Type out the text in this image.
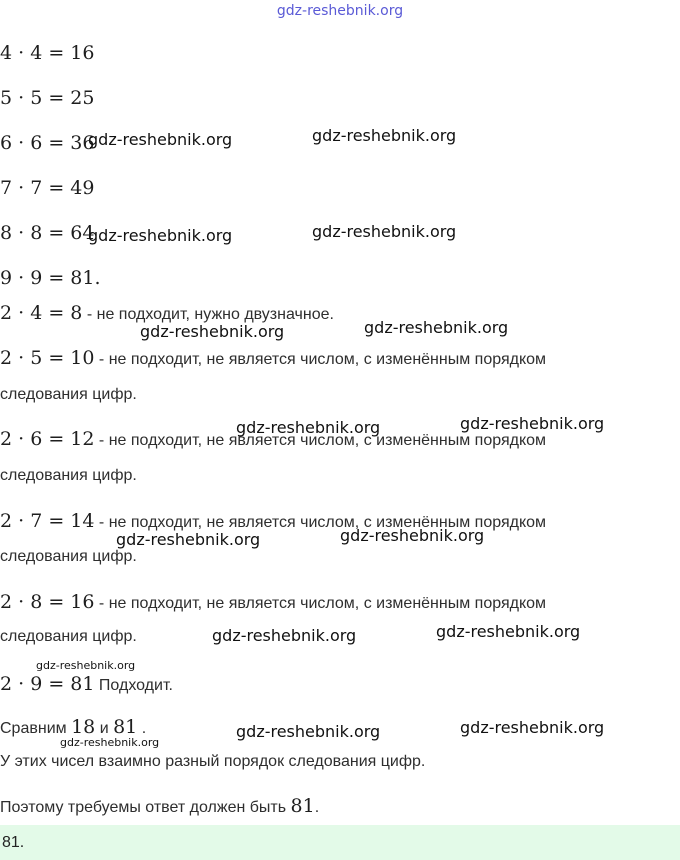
gdz-reshebnik.org
4 · 4 = 16
5 · 5 = 25
6 · 6 = 36
7 · 7 = 49
8 · 8 = 64
9 · 9 = 81.
2 · 4 = 8 - не подходит, нужно двузначное.
2 · 5 = 10 - не подходит, не является числом, с изменённым порядком
следования цифр.
2 · 6 = 12 - не подходит, не является числом, с изменённым порядком
следования цифр.
2 · 7 = 14 - не подходит, не является числом, с изменённым порядком
следования цифр.
2 · 8 = 16 - не подходит, не является числом, с изменённым порядком
следования цифр.
2 · 9 = 81 Подходит.
Сравним 18 и 81 .
У этих чисел взаимно разный порядок следования цифр.
Поэтому требуемы ответ должен быть 81.
81.
gdz-reshebnik.org	gdz-reshebnik.org
gdz-reshebnik.org	gdz-reshebnik.org
gdz-reshebnik.org	gdz-reshebnik.org
gdz-reshebnik.org	gdz-reshebnik.org
gdz-reshebnik.org	gdz-reshebnik.org
gdz-reshebnik.org	gdz-reshebnik.org
gdz-reshebnik.org
gdz-reshebnik.org	gdz-reshebnik.org
gdz-reshebnik.org
